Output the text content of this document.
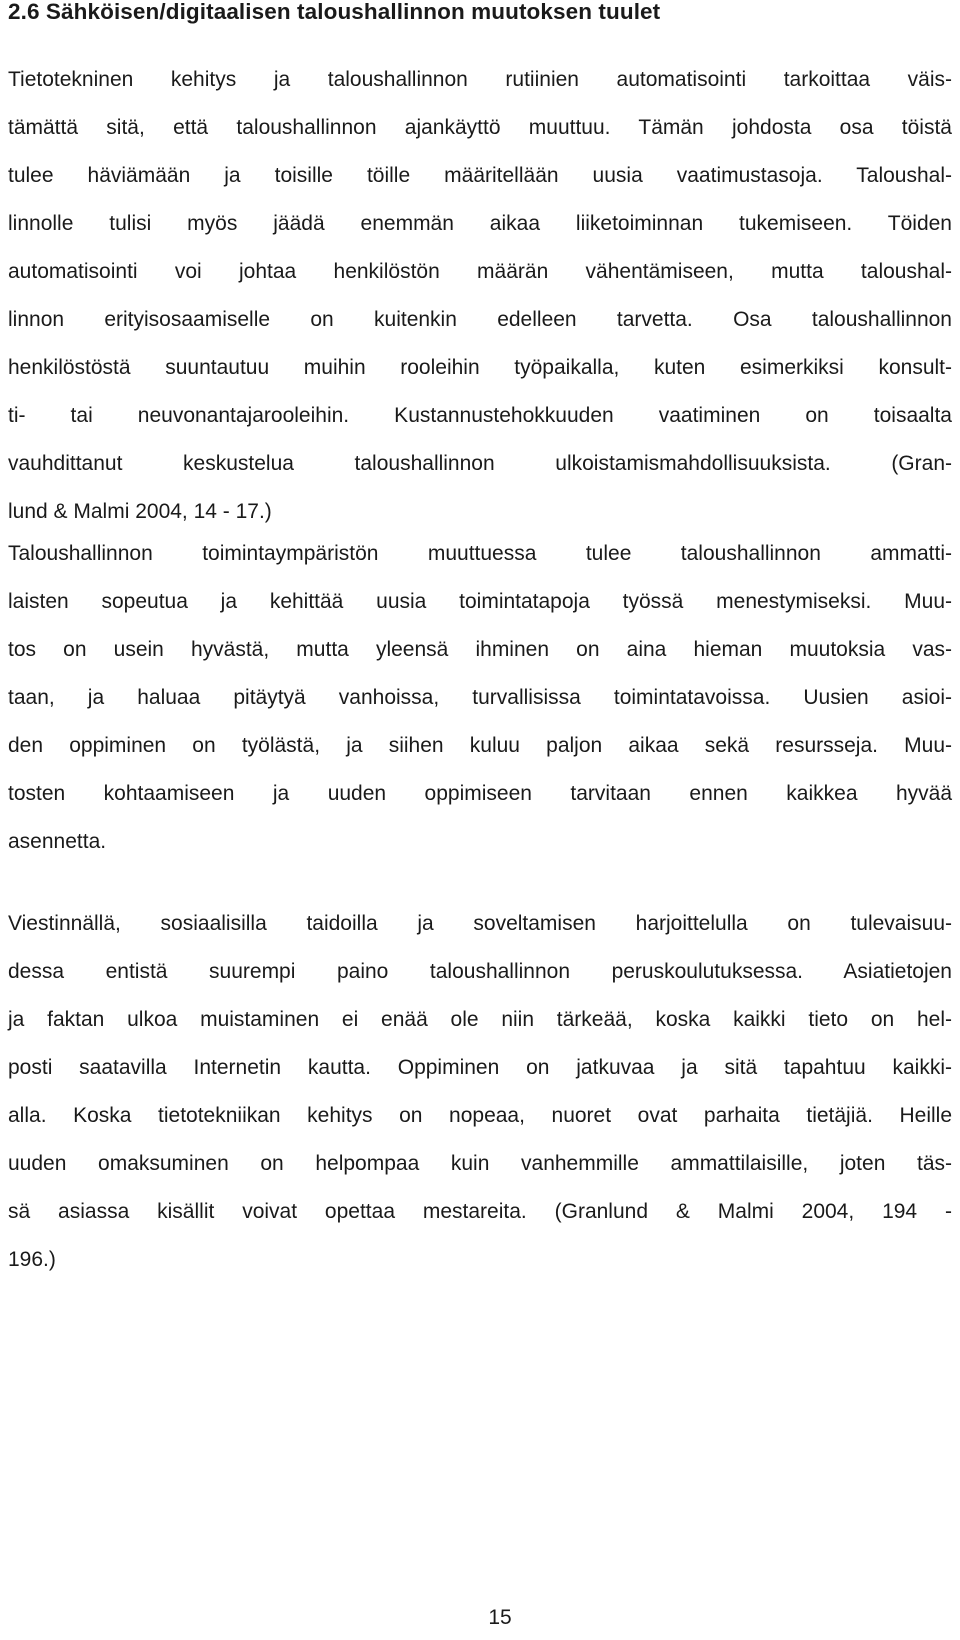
2.6 Sähköisen/digitaalisen taloushallinnon muutoksen tuulet
Tietotekninen kehitys ja taloushallinnon rutiinien automatisointi tarkoittaa väis-
tämättä sitä, että taloushallinnon ajankäyttö muuttuu. Tämän johdosta osa töistä
tulee häviämään ja toisille töille määritellään uusia vaatimustasoja. Taloushal-
linnolle tulisi myös jäädä enemmän aikaa liiketoiminnan tukemiseen. Töiden
automatisointi voi johtaa henkilöstön määrän vähentämiseen, mutta taloushal-
linnon erityisosaamiselle on kuitenkin edelleen tarvetta. Osa taloushallinnon
henkilöstöstä suuntautuu muihin rooleihin työpaikalla, kuten esimerkiksi konsult-
ti- tai neuvonantajarooleihin. Kustannustehokkuuden vaatiminen on toisaalta
vauhdittanut keskustelua taloushallinnon ulkoistamismahdollisuuksista. (Gran-
lund & Malmi 2004, 14 - 17.)
Taloushallinnon toimintaympäristön muuttuessa tulee taloushallinnon ammatti-
laisten sopeutua ja kehittää uusia toimintatapoja työssä menestymiseksi. Muu-
tos on usein hyvästä, mutta yleensä ihminen on aina hieman muutoksia vas-
taan, ja haluaa pitäytyä vanhoissa, turvallisissa toimintatavoissa. Uusien asioi-
den oppiminen on työlästä, ja siihen kuluu paljon aikaa sekä resursseja. Muu-
tosten kohtaamiseen ja uuden oppimiseen tarvitaan ennen kaikkea hyvää
asennetta.
Viestinnällä, sosiaalisilla taidoilla ja soveltamisen harjoittelulla on tulevaisuu-
dessa entistä suurempi paino taloushallinnon peruskoulutuksessa. Asiatietojen
ja faktan ulkoa muistaminen ei enää ole niin tärkeää, koska kaikki tieto on hel-
posti saatavilla Internetin kautta. Oppiminen on jatkuvaa ja sitä tapahtuu kaikki-
alla. Koska tietotekniikan kehitys on nopeaa, nuoret ovat parhaita tietäjiä. Heille
uuden omaksuminen on helpompaa kuin vanhemmille ammattilaisille, joten täs-
sä asiassa kisällit voivat opettaa mestareita. (Granlund & Malmi 2004, 194 -
196.)
15
